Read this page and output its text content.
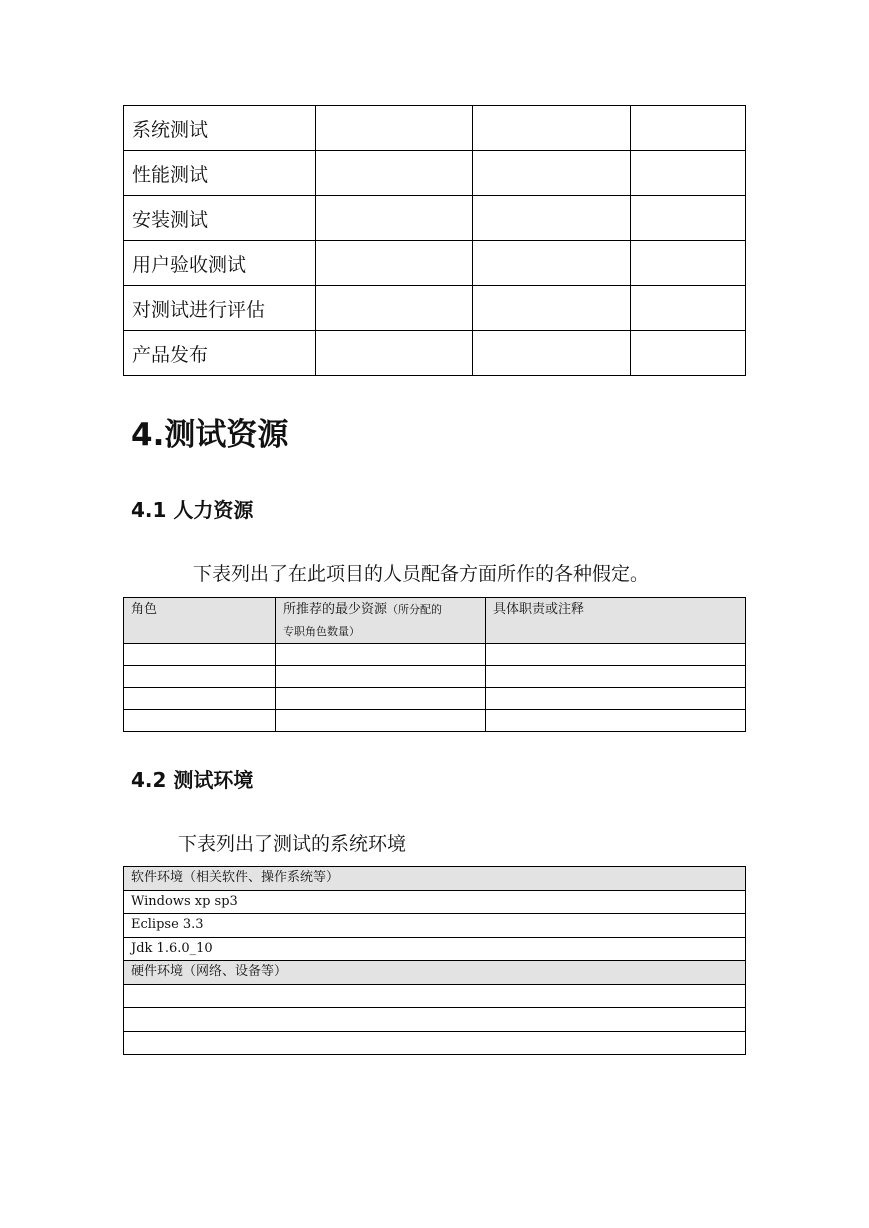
系统测试			
性能测试			
安装测试			
用户验收测试			
对测试进行评估			
产品发布			
4.测试资源
4.1 人力资源

下表列出了在此项目的人员配备方面所作的各种假定。

角色	所推荐的最少资源（所分配的
专职角色数量）	具体职责或注释

4.2 测试环境

下表列出了测试的系统环境

软件环境（相关软件、操作系统等）
Windows xp sp3
Eclipse 3.3
Jdk 1.6.0_10
硬件环境（网络、设备等）
